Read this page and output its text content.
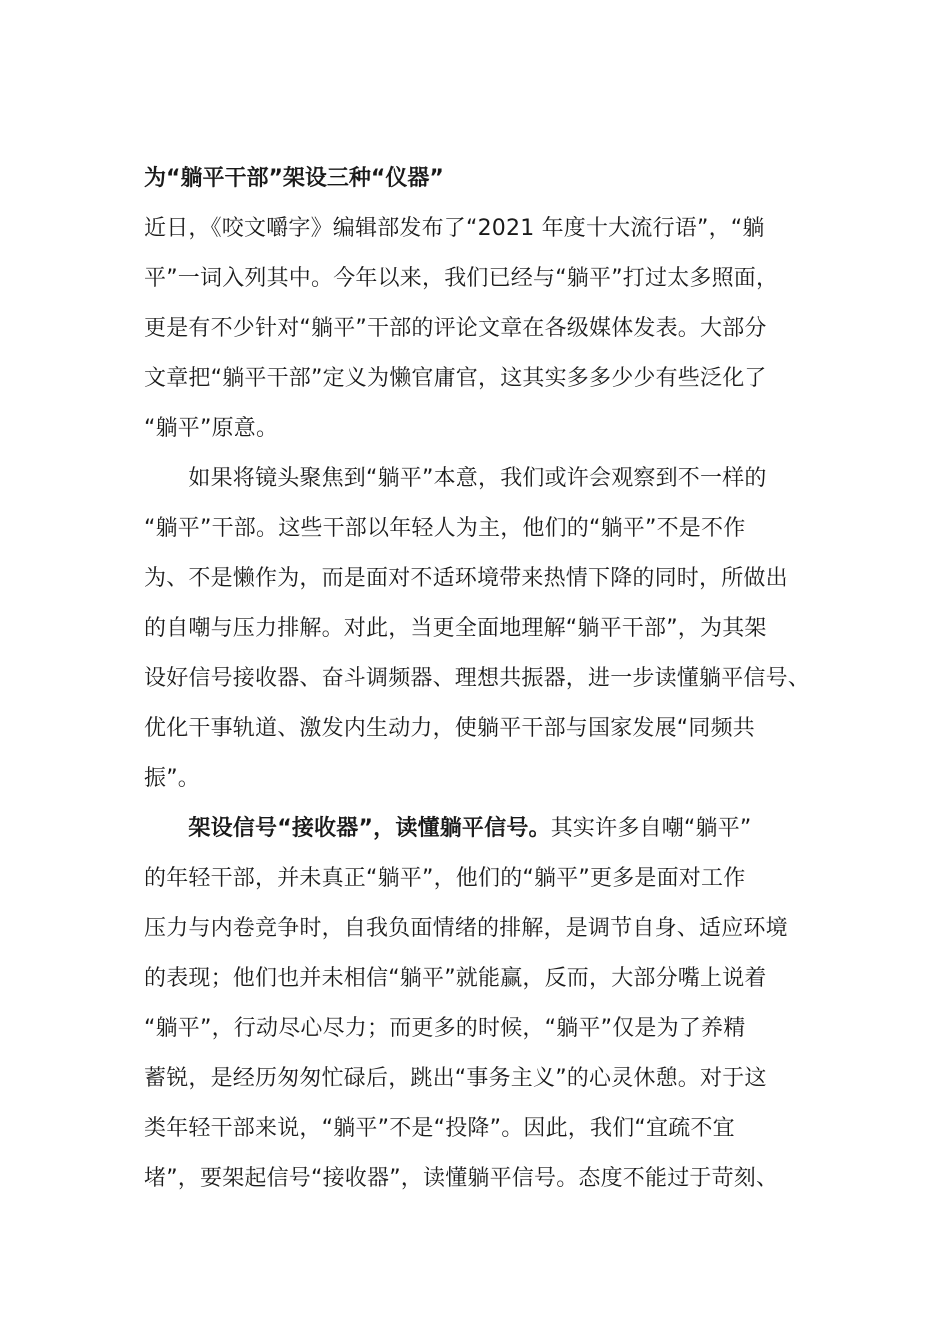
为“躺平干部”架设三种“仪器”
近日，《咬文嚼字》编辑部发布了“2021 年度十大流行语”，“躺
平”一词入列其中。今年以来，我们已经与“躺平”打过太多照面，
更是有不少针对“躺平”干部的评论文章在各级媒体发表。大部分
文章把“躺平干部”定义为懒官庸官，这其实多多少少有些泛化了
“躺平”原意。
　　如果将镜头聚焦到“躺平”本意，我们或许会观察到不一样的
“躺平”干部。这些干部以年轻人为主，他们的“躺平”不是不作
为、不是懒作为，而是面对不适环境带来热情下降的同时，所做出
的自嘲与压力排解。对此，当更全面地理解“躺平干部”，为其架
设好信号接收器、奋斗调频器、理想共振器，进一步读懂躺平信号、
优化干事轨道、激发内生动力，使躺平干部与国家发展“同频共
振”。
　　架设信号“接收器”，读懂躺平信号。其实许多自嘲“躺平”
的年轻干部，并未真正“躺平”，他们的“躺平”更多是面对工作
压力与内卷竞争时，自我负面情绪的排解，是调节自身、适应环境
的表现；他们也并未相信“躺平”就能赢，反而，大部分嘴上说着
“躺平”，行动尽心尽力；而更多的时候，“躺平”仅是为了养精
蓄锐，是经历匆匆忙碌后，跳出“事务主义”的心灵休憩。对于这
类年轻干部来说，“躺平”不是“投降”。因此，我们“宜疏不宜
堵”，要架起信号“接收器”，读懂躺平信号。态度不能过于苛刻、
